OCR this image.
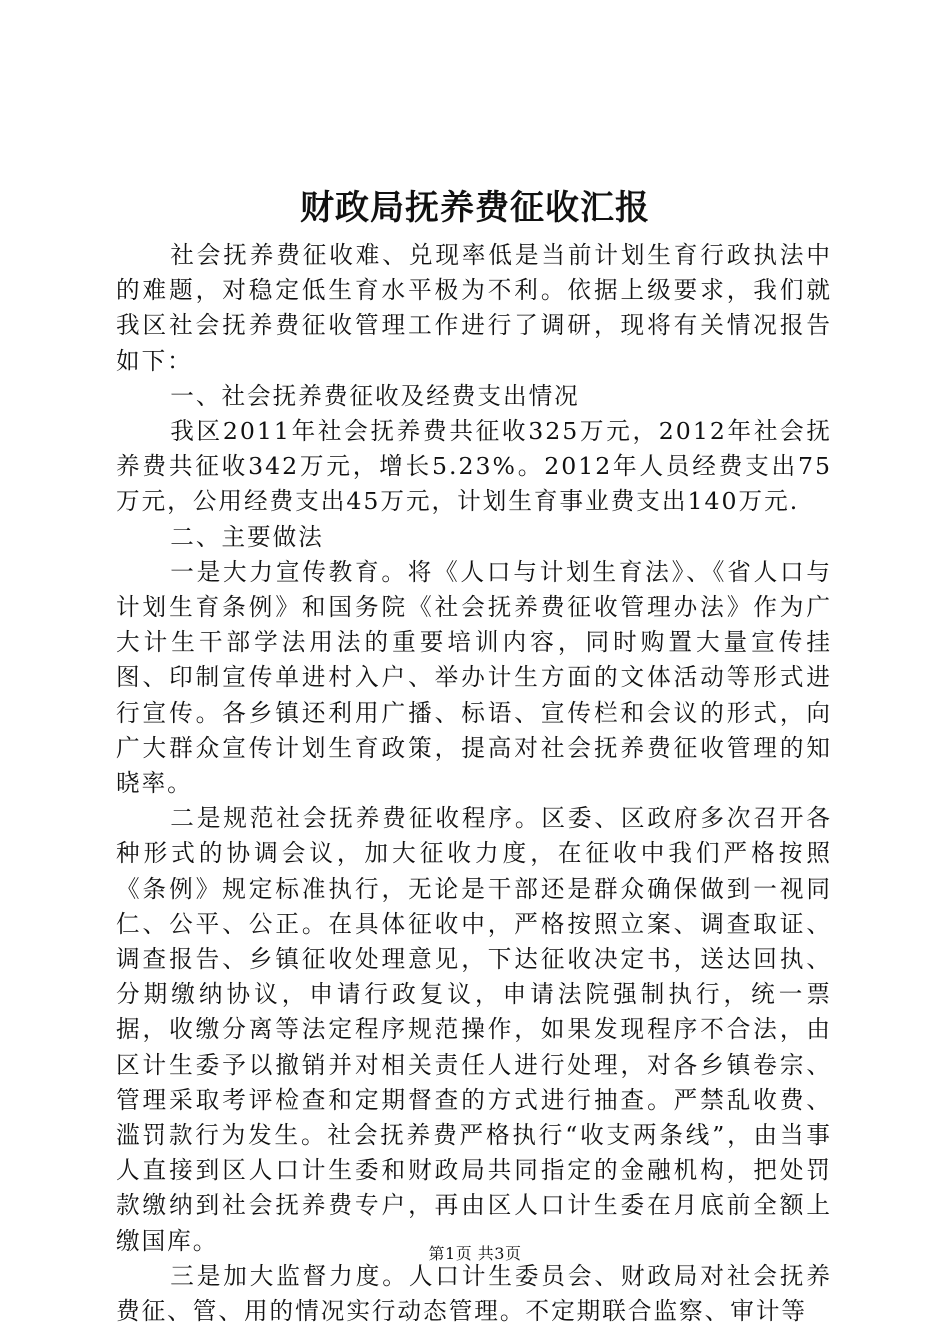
财政局抚养费征收汇报

社会抚养费征收难、兑现率低是当前计划生育行政执法中的难题，对稳定低生育水平极为不利。依据上级要求，我们就我区社会抚养费征收管理工作进行了调研，现将有关情况报告如下：

一、社会抚养费征收及经费支出情况

我区2011年社会抚养费共征收325万元，2012年社会抚养费共征收342万元，增长5.23%。2012年人员经费支出75万元，公用经费支出45万元，计划生育事业费支出140万元.

二、主要做法

一是大力宣传教育。将《人口与计划生育法》、《省人口与计划生育条例》和国务院《社会抚养费征收管理办法》作为广大计生干部学法用法的重要培训内容，同时购置大量宣传挂图、印制宣传单进村入户、举办计生方面的文体活动等形式进行宣传。各乡镇还利用广播、标语、宣传栏和会议的形式，向广大群众宣传计划生育政策，提高对社会抚养费征收管理的知晓率。

二是规范社会抚养费征收程序。区委、区政府多次召开各种形式的协调会议，加大征收力度，在征收中我们严格按照《条例》规定标准执行，无论是干部还是群众确保做到一视同仁、公平、公正。在具体征收中，严格按照立案、调查取证、调查报告、乡镇征收处理意见，下达征收决定书，送达回执、分期缴纳协议，申请行政复议，申请法院强制执行，统一票据，收缴分离等法定程序规范操作，如果发现程序不合法，由区计生委予以撤销并对相关责任人进行处理，对各乡镇卷宗、管理采取考评检查和定期督查的方式进行抽查。严禁乱收费、滥罚款行为发生。社会抚养费严格执行“收支两条线”，由当事人直接到区人口计生委和财政局共同指定的金融机构，把处罚款缴纳到社会抚养费专户，再由区人口计生委在月底前全额上缴国库。

三是加大监督力度。人口计生委员会、财政局对社会抚养费征、管、用的情况实行动态管理。不定期联合监察、审计等

第1页 共3页
